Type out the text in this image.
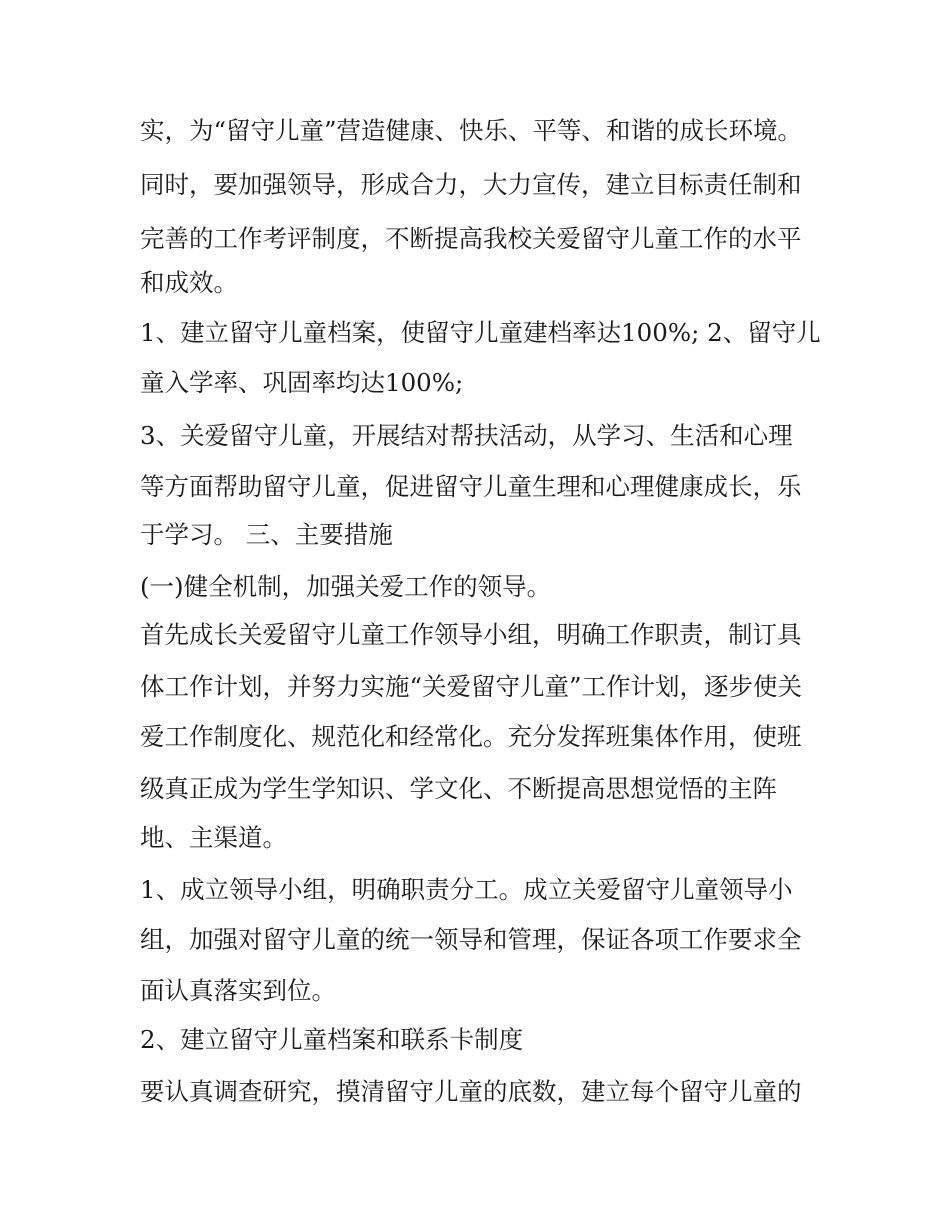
实，为“留守儿童”营造健康、快乐、平等、和谐的成长环境。
同时，要加强领导，形成合力，大力宣传，建立目标责任制和
完善的工作考评制度，不断提高我校关爱留守儿童工作的水平
和成效。
1、建立留守儿童档案，使留守儿童建档率达100%; 2、留守儿
童入学率、巩固率均达100%;
3、关爱留守儿童，开展结对帮扶活动，从学习、生活和心理
等方面帮助留守儿童，促进留守儿童生理和心理健康成长，乐
于学习。 三、主要措施
(一)健全机制，加强关爱工作的领导。
首先成长关爱留守儿童工作领导小组，明确工作职责，制订具
体工作计划，并努力实施“关爱留守儿童”工作计划，逐步使关
爱工作制度化、规范化和经常化。充分发挥班集体作用，使班
级真正成为学生学知识、学文化、不断提高思想觉悟的主阵
地、主渠道。
1、成立领导小组，明确职责分工。成立关爱留守儿童领导小
组，加强对留守儿童的统一领导和管理，保证各项工作要求全
面认真落实到位。
2、建立留守儿童档案和联系卡制度
要认真调查研究，摸清留守儿童的底数，建立每个留守儿童的
